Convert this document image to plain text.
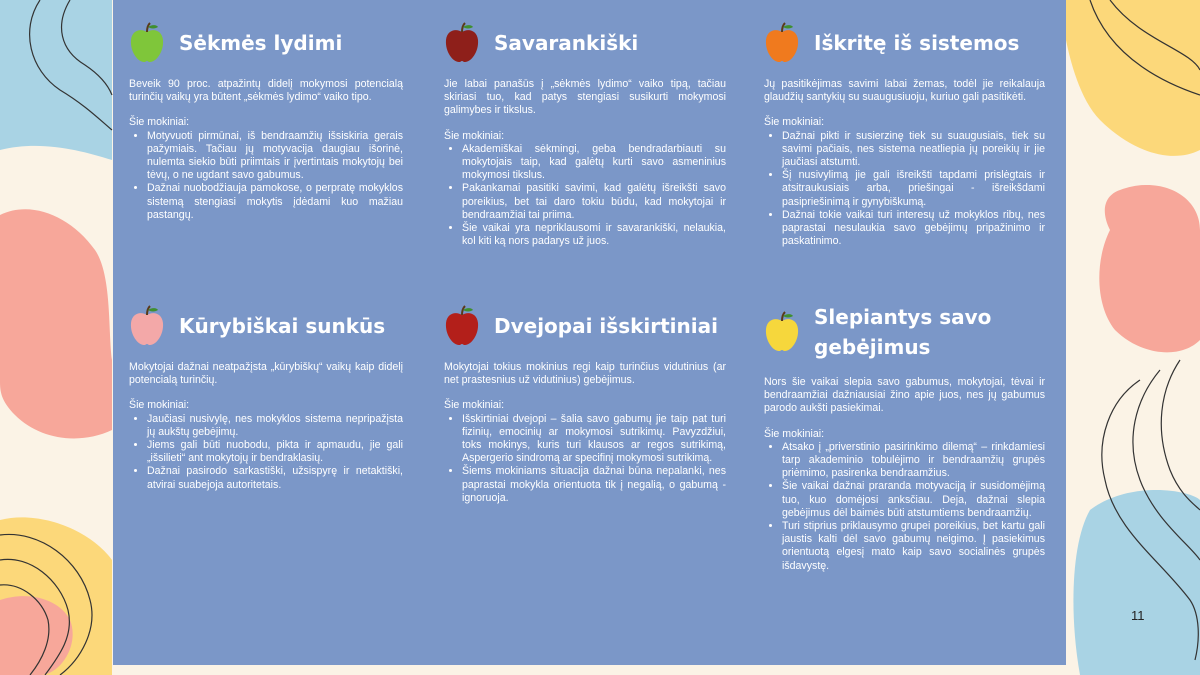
Sėkmės lydimi

Beveik 90 proc. atpažintų didelį mokymosi potencialą turinčių vaikų yra būtent „sėkmės lydimo“ vaiko tipo.

Šie mokiniai:

• Motyvuoti pirmūnai, iš bendraamžių išsiskiria gerais pažymiais. Tačiau jų motyvacija daugiau išorinė, nulemta siekio būti priimtais ir įvertintais mokytojų bei tėvų, o ne ugdant savo gabumus.
• Dažnai nuobodžiauja pamokose, o perpratę mokyklos sistemą stengiasi mokytis įdėdami kuo mažiau pastangų.
Savarankiški

Jie labai panašūs į „sėkmės lydimo“ vaiko tipą, tačiau skiriasi tuo, kad patys stengiasi susikurti mokymosi galimybes ir tikslus.

Šie mokiniai:

• Akademiškai sėkmingi, geba bendradarbiauti su mokytojais taip, kad galėtų kurti savo asmeninius mokymosi tikslus.
• Pakankamai pasitiki savimi, kad galėtų išreikšti savo poreikius, bet tai daro tokiu būdu, kad mokytojai ir bendraamžiai tai priima.
• Šie vaikai yra nepriklausomi ir savarankiški, nelaukia, kol kiti ką nors padarys už juos.
Iškritę iš sistemos

Jų pasitikėjimas savimi labai žemas, todėl jie reikalauja glaudžių santykių su suaugusiuoju, kuriuo gali pasitikėti.

Šie mokiniai:

• Dažnai pikti ir susierzinę tiek su suaugusiais, tiek su savimi pačiais, nes sistema neatliepia jų poreikių ir jie jaučiasi atstumti.
• Šį nusivylimą jie gali išreikšti tapdami prislėgtais ir atsitraukusiais arba, priešingai - išreikšdami pasipriešinimą ir gynybiškumą.
• Dažnai tokie vaikai turi interesų už mokyklos ribų, nes paprastai nesulaukia savo gebėjimų pripažinimo ir paskatinimo.
Kūrybiškai sunkūs

Mokytojai dažnai neatpažįsta „kūrybiškų“ vaikų kaip didelį potencialą turinčių.

Šie mokiniai:

• Jaučiasi nusivylę, nes mokyklos sistema nepripažįsta jų aukštų gebėjimų.
• Jiems gali būti nuobodu, pikta ir apmaudu, jie gali „išsilieti“ ant mokytojų ir bendraklasių.
• Dažnai pasirodo sarkastiški, užsispyrę ir netaktiški, atvirai suabejoja autoritetais.
Dvejopai išskirtiniai

Mokytojai tokius mokinius regi kaip turinčius vidutinius (ar net prastesnius už vidutinius) gebėjimus.

Šie mokiniai:

• Išskirtiniai dvejopi – šalia savo gabumų jie taip pat turi fizinių, emocinių ar mokymosi sutrikimų. Pavyzdžiui, toks mokinys, kuris turi klausos ar regos sutrikimą, Aspergerio sindromą ar specifinį mokymosi sutrikimą.
• Šiems mokiniams situacija dažnai būna nepalanki, nes paprastai mokykla orientuota tik į negalią, o gabumą - ignoruoja.
Slepiantys savo gebėjimus

Nors šie vaikai slepia savo gabumus, mokytojai, tėvai ir bendraamžiai dažniausiai žino apie juos, nes jų gabumus parodo aukšti pasiekimai.

Šie mokiniai:

• Atsako į „priverstinio pasirinkimo dilemą“ – rinkdamiesi tarp akademinio tobulėjimo ir bendraamžių grupės priėmimo, pasirenka bendraamžius.
• Šie vaikai dažnai praranda motyvaciją ir susidomėjimą tuo, kuo domėjosi anksčiau. Deja, dažnai slepia gebėjimus dėl baimės būti atstumtiems bendraamžių.
• Turi stiprius priklausymo grupei poreikius, bet kartu gali jaustis kalti dėl savo gabumų neigimo. Į pasiekimus orientuotą elgesį mato kaip savo socialinės grupės išdavystę.
11
